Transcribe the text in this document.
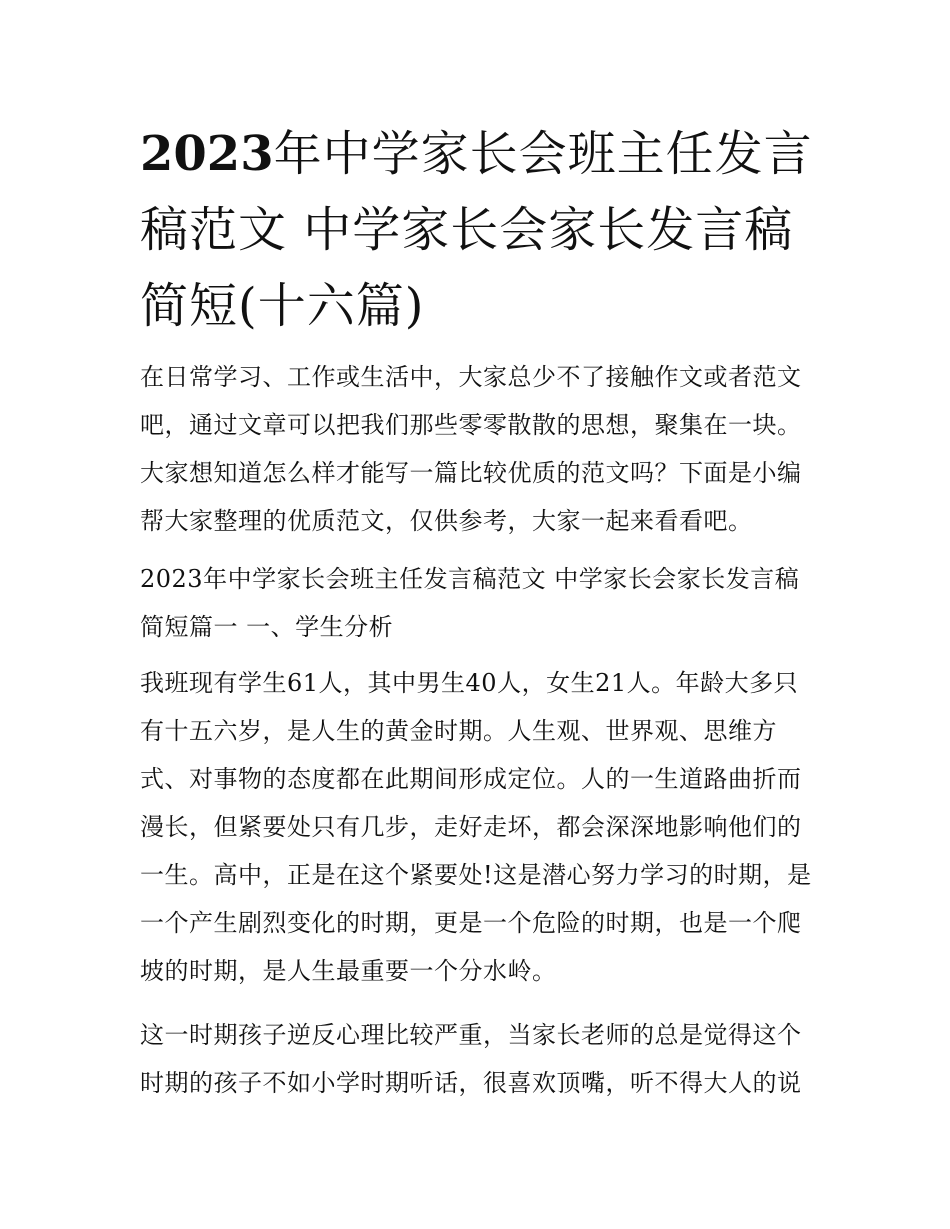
2023年中学家长会班主任发言稿范文 中学家长会家长发言稿简短(十六篇)

在日常学习、工作或生活中，大家总少不了接触作文或者范文吧，通过文章可以把我们那些零零散散的思想，聚集在一块。大家想知道怎么样才能写一篇比较优质的范文吗？下面是小编帮大家整理的优质范文，仅供参考，大家一起来看看吧。

2023年中学家长会班主任发言稿范文 中学家长会家长发言稿简短篇一 一、学生分析

我班现有学生61人，其中男生40人，女生21人。年龄大多只有十五六岁，是人生的黄金时期。人生观、世界观、思维方式、对事物的态度都在此期间形成定位。人的一生道路曲折而漫长，但紧要处只有几步，走好走坏，都会深深地影响他们的一生。高中，正是在这个紧要处!这是潜心努力学习的时期，是一个产生剧烈变化的时期，更是一个危险的时期，也是一个爬坡的时期，是人生最重要一个分水岭。

这一时期孩子逆反心理比较严重，当家长老师的总是觉得这个时期的孩子不如小学时期听话，很喜欢顶嘴，听不得大人的说
